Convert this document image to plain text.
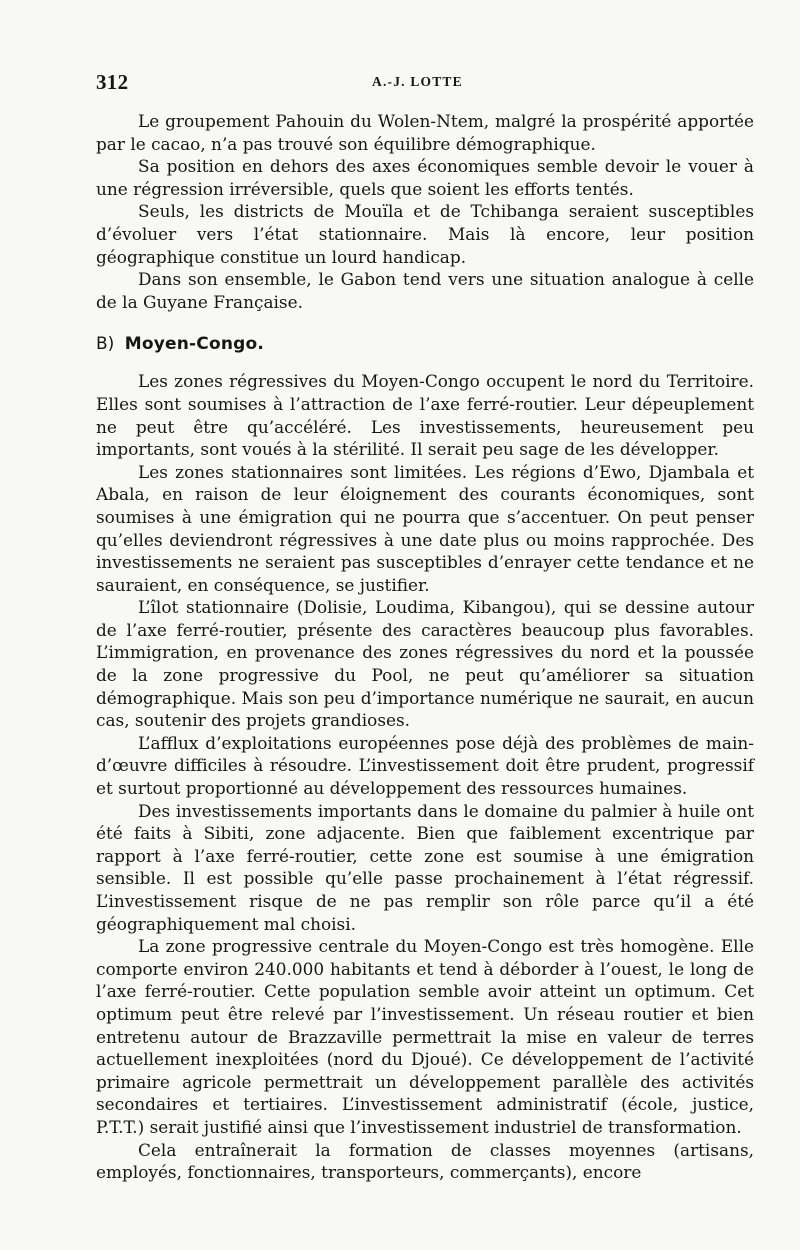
312	A.-J. LOTTE

Le groupement Pahouin du Wolen-Ntem, malgré la prospérité apportée par le cacao, n’a pas trouvé son équilibre démographique.

Sa position en dehors des axes économiques semble devoir le vouer à une régression irréversible, quels que soient les efforts tentés.

Seuls, les districts de Mouïla et de Tchibanga seraient susceptibles d’évoluer vers l’état stationnaire. Mais là encore, leur position géographique constitue un lourd handicap.

Dans son ensemble, le Gabon tend vers une situation analogue à celle de la Guyane Française.

B) Moyen-Congo.

Les zones régressives du Moyen-Congo occupent le nord du Territoire. Elles sont soumises à l’attraction de l’axe ferré-routier. Leur dépeuplement ne peut être qu’accéléré. Les investissements, heureusement peu importants, sont voués à la stérilité. Il serait peu sage de les développer.

Les zones stationnaires sont limitées. Les régions d’Ewo, Djambala et Abala, en raison de leur éloignement des courants économiques, sont soumises à une émigration qui ne pourra que s’accentuer. On peut penser qu’elles deviendront régressives à une date plus ou moins rapprochée. Des investissements ne seraient pas susceptibles d’enrayer cette tendance et ne sauraient, en conséquence, se justifier.

L’îlot stationnaire (Dolisie, Loudima, Kibangou), qui se dessine autour de l’axe ferré-routier, présente des caractères beaucoup plus favorables. L’immigration, en provenance des zones régressives du nord et la poussée de la zone progressive du Pool, ne peut qu’améliorer sa situation démographique. Mais son peu d’importance numérique ne saurait, en aucun cas, soutenir des projets grandioses.

L’afflux d’exploitations européennes pose déjà des problèmes de main-d’œuvre difficiles à résoudre. L’investissement doit être prudent, progressif et surtout proportionné au développement des ressources humaines.

Des investissements importants dans le domaine du palmier à huile ont été faits à Sibiti, zone adjacente. Bien que faiblement excentrique par rapport à l’axe ferré-routier, cette zone est soumise à une émigration sensible. Il est possible qu’elle passe prochainement à l’état régressif. L’investissement risque de ne pas remplir son rôle parce qu’il a été géographiquement mal choisi.

La zone progressive centrale du Moyen-Congo est très homogène. Elle comporte environ 240.000 habitants et tend à déborder à l’ouest, le long de l’axe ferré-routier. Cette population semble avoir atteint un optimum. Cet optimum peut être relevé par l’investissement. Un réseau routier et bien entretenu autour de Brazzaville permettrait la mise en valeur de terres actuellement inexploitées (nord du Djoué). Ce développement de l’activité primaire agricole permettrait un développement parallèle des activités secondaires et tertiaires. L’investissement administratif (école, justice, P.T.T.) serait justifié ainsi que l’investissement industriel de transformation.

Cela entraînerait la formation de classes moyennes (artisans, employés, fonctionnaires, transporteurs, commerçants), encore
